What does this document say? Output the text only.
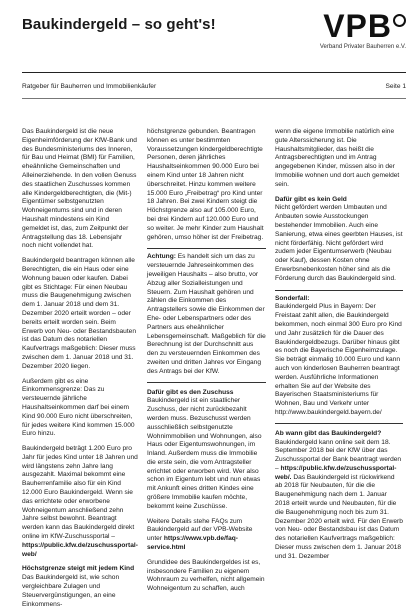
Baukindergeld – so geht's!	VPB
Verband Privater Bauherren e.V.
Ratgeber für Bauherren und Immobilienkäufer	Seite 1

Das Baukindergeld ist die neue Eigenheimförderung der KfW-Bank und des Bundesministeriums des Inneren, für Bau und Heimat (BMI) für Familien, eheähnliche Gemeinschaften und Alleinerziehende. In den vollen Genuss des staatlichen Zuschusses kommen alle Kindergeldberechtigten, die (Mit-) Eigentümer selbstgenutzten Wohneigentums sind und in deren Haushalt mindestens ein Kind gemeldet ist, das, zum Zeitpunkt der Antragstellung das 18. Lebensjahr noch nicht vollendet hat.

Baukindergeld beantragen können alle Berechtigten, die ein Haus oder eine Wohnung bauen oder kaufen. Dabei gibt es Stichtage: Für einen Neubau muss die Baugenehmigung zwischen dem 1. Januar 2018 und dem 31. Dezember 2020 erteilt worden – oder bereits erteilt worden sein. Beim Erwerb von Neu- oder Bestandsbauten ist das Datum des notariellen Kaufvertrags maßgeblich: Dieser muss zwischen dem 1. Januar 2018 und 31. Dezember 2020 liegen.

Außerdem gibt es eine Einkommensgrenze: Das zu versteuernde jährliche Haushaltseinkommen darf bei einem Kind 90.000 Euro nicht überschreiten, für jedes weitere Kind kommen 15.000 Euro hinzu.

Baukindergeld beträgt 1.200 Euro pro Jahr für jedes Kind unter 18 Jahren und wird längstens zehn Jahre lang ausgezahlt. Maximal bekommt eine Bauherrenfamilie also für ein Kind 12.000 Euro Baukindergeld. Wenn sie das errichtete oder erworbene Wohneigentum anschließend zehn Jahre selbst bewohnt. Beantragt werden kann das Baukindergeld direkt online im KfW-Zuschussportal – https://public.kfw.de/zuschussportal-web/

Höchstgrenze steigt mit jedem Kind

Das Baukindergeld ist, wie schon vergleichbare Zulagen und Steuervergünstigungen, an eine Einkommens-

höchstgrenze gebunden. Beantragen können es unter bestimmten Voraussetzungen kindergeldberechtigte Personen, deren jährliches Haushaltseinkommen 90.000 Euro bei einem Kind unter 18 Jahren nicht überschreitet. Hinzu kommen weitere 15.000 Euro „Freibetrag“ pro Kind unter 18 Jahren. Bei zwei Kindern steigt die Höchstgrenze also auf 105.000 Euro, bei drei Kindern auf 120.000 Euro und so weiter. Je mehr Kinder zum Haushalt gehören, umso höher ist der Freibetrag.

Achtung: Es handelt sich um das zu versteuernde Jahreseinkommen des jeweiligen Haushalts – also brutto, vor Abzug aller Sozialleistungen und Steuern. Zum Haushalt gehören und zählen die Einkommen des Antragstellers sowie die Einkommen der Ehe- oder Lebenspartners oder des Partners aus eheähnlicher Lebensgemeinschaft. Maßgeblich für die Berechnung ist der Durchschnitt aus den zu versteuernden Einkommen des zweiten und dritten Jahres vor Eingang des Antrags bei der KfW.

Dafür gibt es den Zuschuss

Baukindergeld ist ein staatlicher Zuschuss, der nicht zurückbezahlt werden muss. Bezuschusst werden ausschließlich selbstgenutzte Wohnimmobilien und Wohnungen, also Haus oder Eigentumswohnungen, im Inland. Außerdem muss die Immobilie die erste sein, die vom Antragsteller errichtet oder erworben wird. Wer also schon im Eigentum lebt und nun etwas mit Ankunft eines dritten Kindes eine größere Immobilie kaufen möchte, bekommt keine Zuschüsse.

Weitere Details stehe FAQs zum Baukindergeld auf der VPB-Website unter https://www.vpb.de/faq-service.html

Grundidee des Baukindergeldes ist es, insbesondere Familien zu eigenem Wohnraum zu verhelfen, nicht allgemein Wohneigentum zu schaffen, auch

wenn die eigene Immobilie natürlich eine gute Alterssicherung ist. Die Haushaltsmitglieder, das heißt die Antragsberechtigten und im Antrag angegebenen Kinder, müssen also in der Immobilie wohnen und dort auch gemeldet sein.

Dafür gibt es kein Geld

Nicht gefördert werden Umbauten und Anbauten sowie Ausstockungen bestehender Immobilien. Auch eine Sanierung, etwa eines geerbten Hauses, ist nicht förderfähig. Nicht gefördert wird zudem jeder Eigentumserwerb (Neubau oder Kauf), dessen Kosten ohne Erwerbsnebenkosten höher sind als die Förderung durch das Baukindergeld sind.

Sonderfall:

Baukindergeld Plus in Bayern: Der Freistaat zahlt allen, die Baukindergeld bekommen, noch einmal 300 Euro pro Kind und Jahr zusätzlich für die Dauer des Baukindergeldbezugs. Darüber hinaus gibt es noch die Bayerische Eigenheimzulage. Sie beträgt einmalig 10.000 Euro und kann auch von kinderlosen Bauherren beantragt werden. Ausführliche Informationen erhalten Sie auf der Website des Bayerischen Staatsministeriums für Wohnen, Bau und Verkehr unter http://www.baukindergeld.bayern.de/

Ab wann gibt das Baukindergeld?

Baukindergeld kann online seit dem 18. September 2018 bei der KfW über das Zuschussportal der Bank beantragt werden – https://public.kfw.de/zuschussportal-web/. Das Baukindergeld ist rückwirkend ab 2018 für Neubauten, für die die Baugenehmigung nach dem 1. Januar 2018 erteilt wurde und Neubauten, für die die Baugenehmigung noch bis zum 31. Dezember 2020 erteilt wird. Für den Erwerb von Neu- oder Bestandsbau ist das Datum des notariellen Kaufvertrags maßgeblich: Dieser muss zwischen dem 1. Januar 2018 und 31. Dezember
